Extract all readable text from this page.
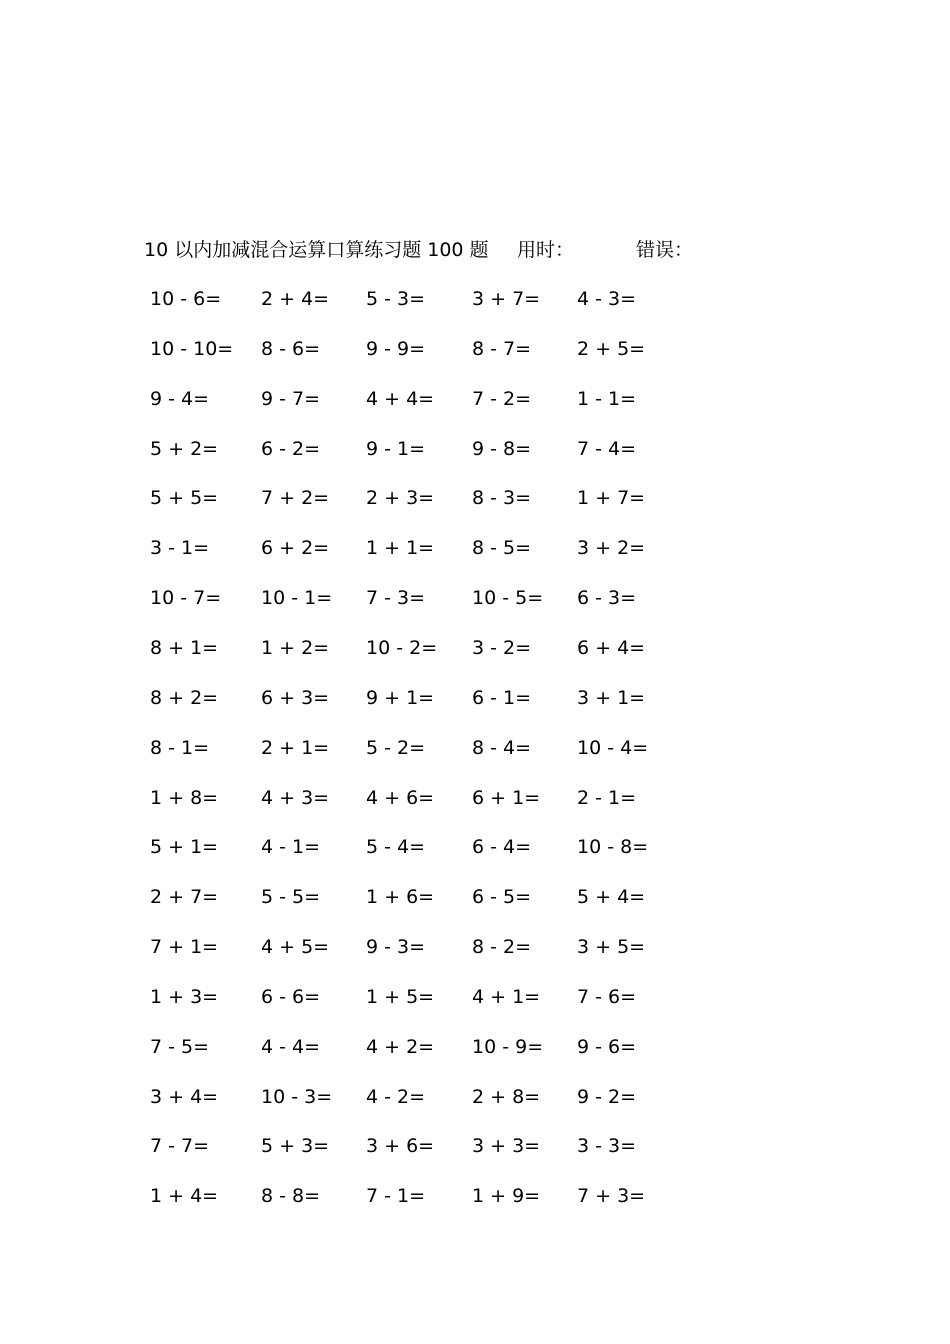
10 以内加减混合运算口算练习题 100 题 用时：	错误：
10 - 6= 2 + 4= 5 - 3= 3 + 7= 4 - 3=
10 - 10= 8 - 6= 9 - 9= 8 - 7= 2 + 5=
9 - 4=	9 - 7= 4 + 4= 7 - 2= 1 - 1=
5 + 2= 6 - 2= 9 - 1= 9 - 8= 7 - 4=
5 + 5= 7 + 2= 2 + 3= 8 - 3= 1 + 7=
3 - 1=	6 + 2= 1 + 1= 8 - 5= 3 + 2=
10 - 7= 10 - 1= 7 - 3= 10 - 5= 6 - 3=
8 + 1= 1 + 2= 10 - 2= 3 - 2= 6 + 4=
8 + 2= 6 + 3= 9 + 1= 6 - 1= 3 + 1=
8 - 1=	2 + 1= 5 - 2= 8 - 4= 10 - 4=
1 + 8= 4 + 3= 4 + 6= 6 + 1= 2 - 1=
5 + 1= 4 - 1= 5 - 4= 6 - 4= 10 - 8=
2 + 7= 5 - 5= 1 + 6= 6 - 5= 5 + 4=
7 + 1= 4 + 5= 9 - 3= 8 - 2= 3 + 5=
1 + 3= 6 - 6= 1 + 5= 4 + 1= 7 - 6=
7 - 5=	4 - 4= 4 + 2= 10 - 9= 9 - 6=
3 + 4= 10 - 3= 4 - 2= 2 + 8= 9 - 2=
7 - 7=	5 + 3= 3 + 6= 3 + 3= 3 - 3=
1 + 4= 8 - 8= 7 - 1= 1 + 9= 7 + 3=
